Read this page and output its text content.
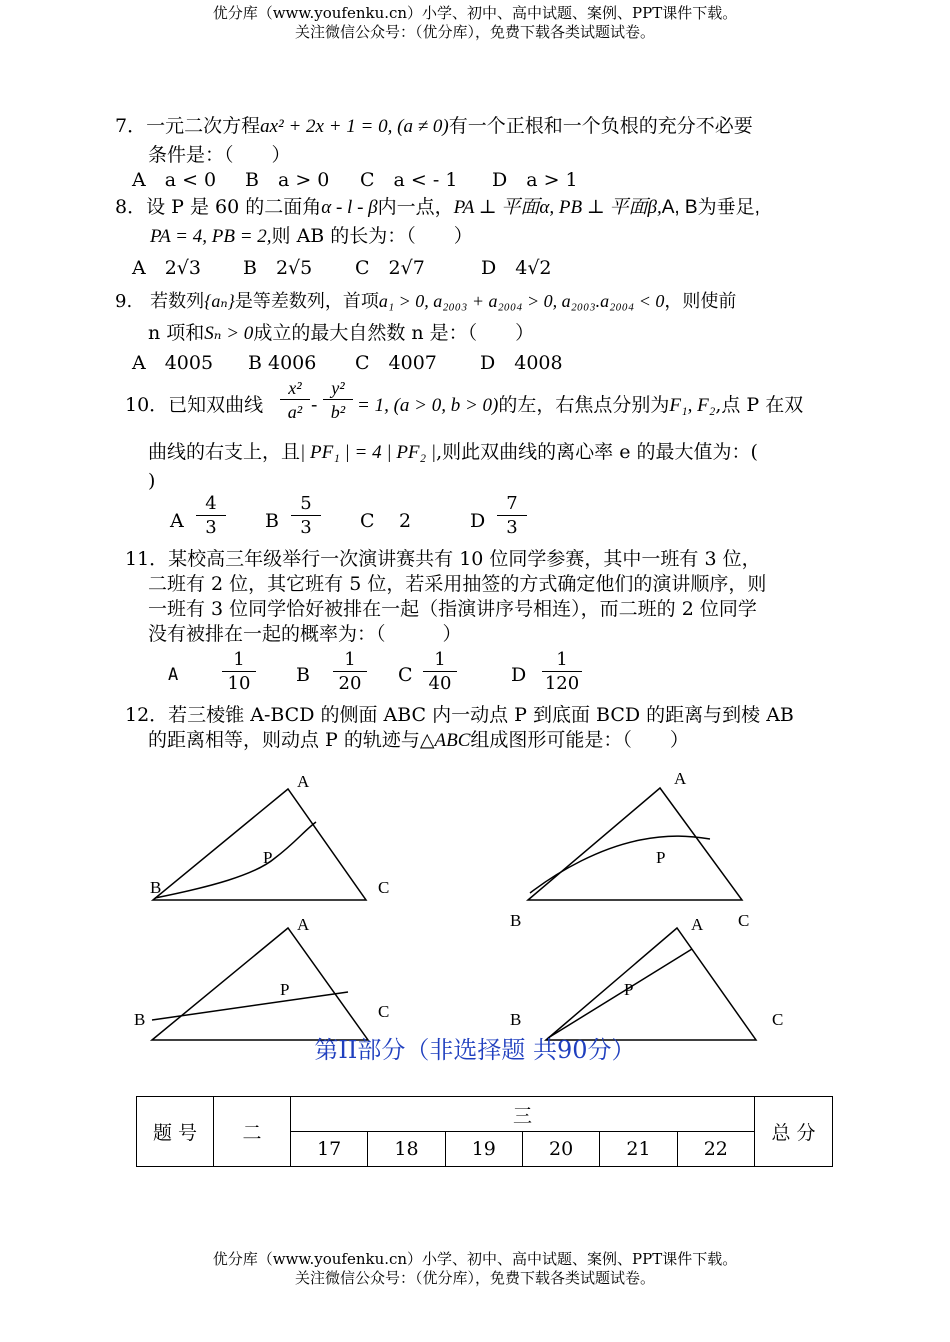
优分库（www.youfenku.cn）小学、初中、高中试题、案例、PPT课件下载。
关注微信公众号：（优分库），免费下载各类试题试卷。
7．一元二次方程ax² + 2x + 1 = 0, (a ≠ 0)有一个正根和一个负根的充分不必要
条件是：（　　）
A　a < 0 B　a > 0 C　a < - 1 D　a > 1
8．设 P 是 60 的二面角α - l - β内一点，PA ⊥ 平面α, PB ⊥ 平面β,A, B为垂足,
PA = 4, PB = 2,则 AB 的长为：（　　）
A　2√3 B　2√5 C　2√7	D　4√2
9.　若数列{aₙ}是等差数列，首项a₁ > 0, a₂₀₀₃ + a₂₀₀₄ > 0, a₂₀₀₃.a₂₀₀₄ < 0，则使前
n 项和Sₙ > 0成立的最大自然数 n 是：（　　）
A　4005 B 4006 C　4007 D　4008
10．已知双曲线 $\frac{\text{x²}}{\text{a²}} - \frac{\text{y²}}{\text{b²}} = 1$, (a > 0, b > 0)的左，右焦点分别为F₁, F₂,点 P 在双
曲线的右支上，且| PF₁ | = 4 | PF₂ |,则此双曲线的离心率 e 的最大值为：(
)
A $\frac{4}{3}$ B $\frac{5}{3}$ C 2	D $\frac{7}{3}$
11．某校高三年级举行一次演讲赛共有 10 位同学参赛，其中一班有 3 位，
二班有 2 位，其它班有 5 位，若采用抽签的方式确定他们的演讲顺序，则
一班有 3 位同学恰好被排在一起（指演讲序号相连），而二班的 2 位同学
没有被排在一起的概率为：（　　　）
A $\frac{1}{10}$ B $\frac{1}{20}$ C $\frac{1}{40}$	D $\frac{1}{120}$
12．若三棱锥 A-BCD 的侧面 ABC 内一动点 P 到底面 BCD 的距离与到棱 AB
的距离相等，则动点 P 的轨迹与△ABC组成图形可能是：（　　）
A
B	C
P
A
B	C
P
A
B	C
P
A
B	C
P
第II部分（非选择题 共90分）
题 号	二	三						总 分
		17	18	19	20	21	22	
优分库（www.youfenku.cn）小学、初中、高中试题、案例、PPT课件下载。
关注微信公众号：（优分库），免费下载各类试题试卷。
